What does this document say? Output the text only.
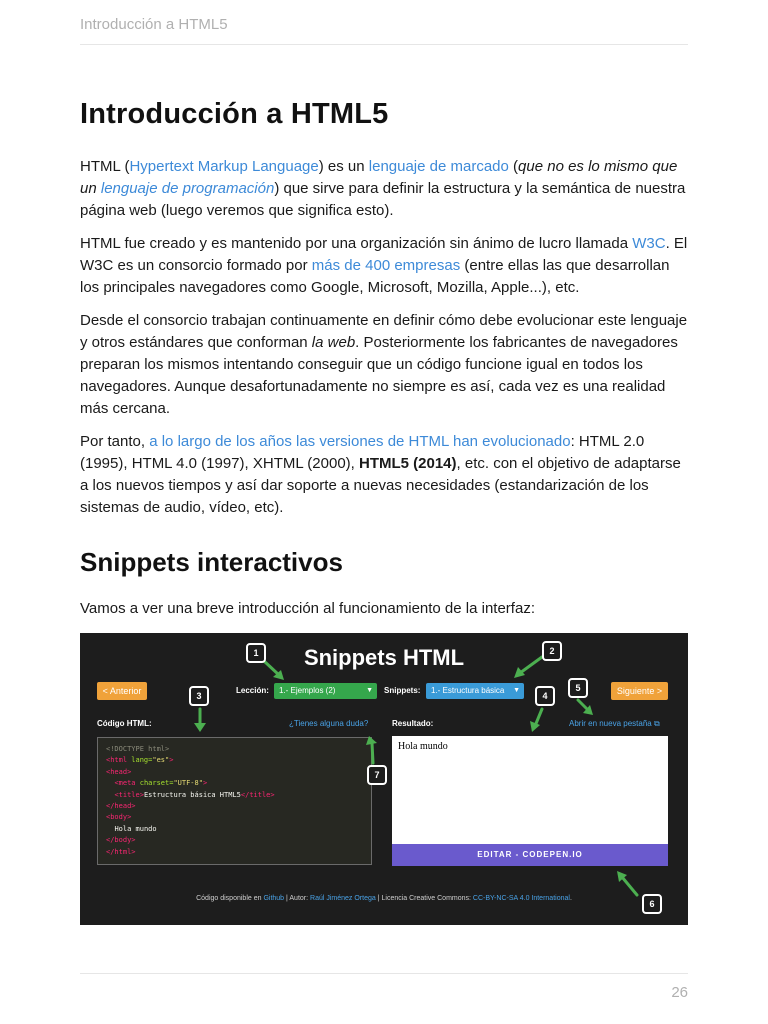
Introducción a HTML5
Introducción a HTML5

HTML (Hypertext Markup Language) es un lenguaje de marcado (que no es lo mismo que un lenguaje de programación) que sirve para definir la estructura y la semántica de nuestra página web (luego veremos que significa esto).

HTML fue creado y es mantenido por una organización sin ánimo de lucro llamada W3C. El W3C es un consorcio formado por más de 400 empresas (entre ellas las que desarrollan los principales navegadores como Google, Microsoft, Mozilla, Apple...), etc.

Desde el consorcio trabajan continuamente en definir cómo debe evolucionar este lenguaje y otros estándares que conforman la web. Posteriormente los fabricantes de navegadores preparan los mismos intentando conseguir que un código funcione igual en todos los navegadores. Aunque desafortunadamente no siempre es así, cada vez es una realidad más cercana.

Por tanto, a lo largo de los años las versiones de HTML han evolucionado: HTML 2.0 (1995), HTML 4.0 (1997), XHTML (2000), HTML5 (2014), etc. con el objetivo de adaptarse a los nuevos tiempos y así dar soporte a nuevas necesidades (estandarización de los sistemas de audio, vídeo, etc).

Snippets interactivos

Vamos a ver una breve introducción al funcionamiento de la interfaz:

Snippets HTML
< Anterior	Siguiente >
Lección:	1.- Ejemplos (2)	▼ Snippets:	1.- Estructura básica ▼
Código HTML:	¿Tienes alguna duda?	Resultado:	Abrir en nueva pestaña ⧉
<!DOCTYPE html>
<html lang="es">
<head>
<meta charset="UTF-8">
<title>Estructura básica HTML5</title>
</head>
<body>
Hola mundo
</body>
</html>
Hola mundo
EDITAR - CODEPEN.IO
Código disponible en Github | Autor: Raúl Jiménez Ortega | Licencia Creative Commons: CC-BY-NC-SA 4.0 International.
1	2
3	4
5
6
7
26
